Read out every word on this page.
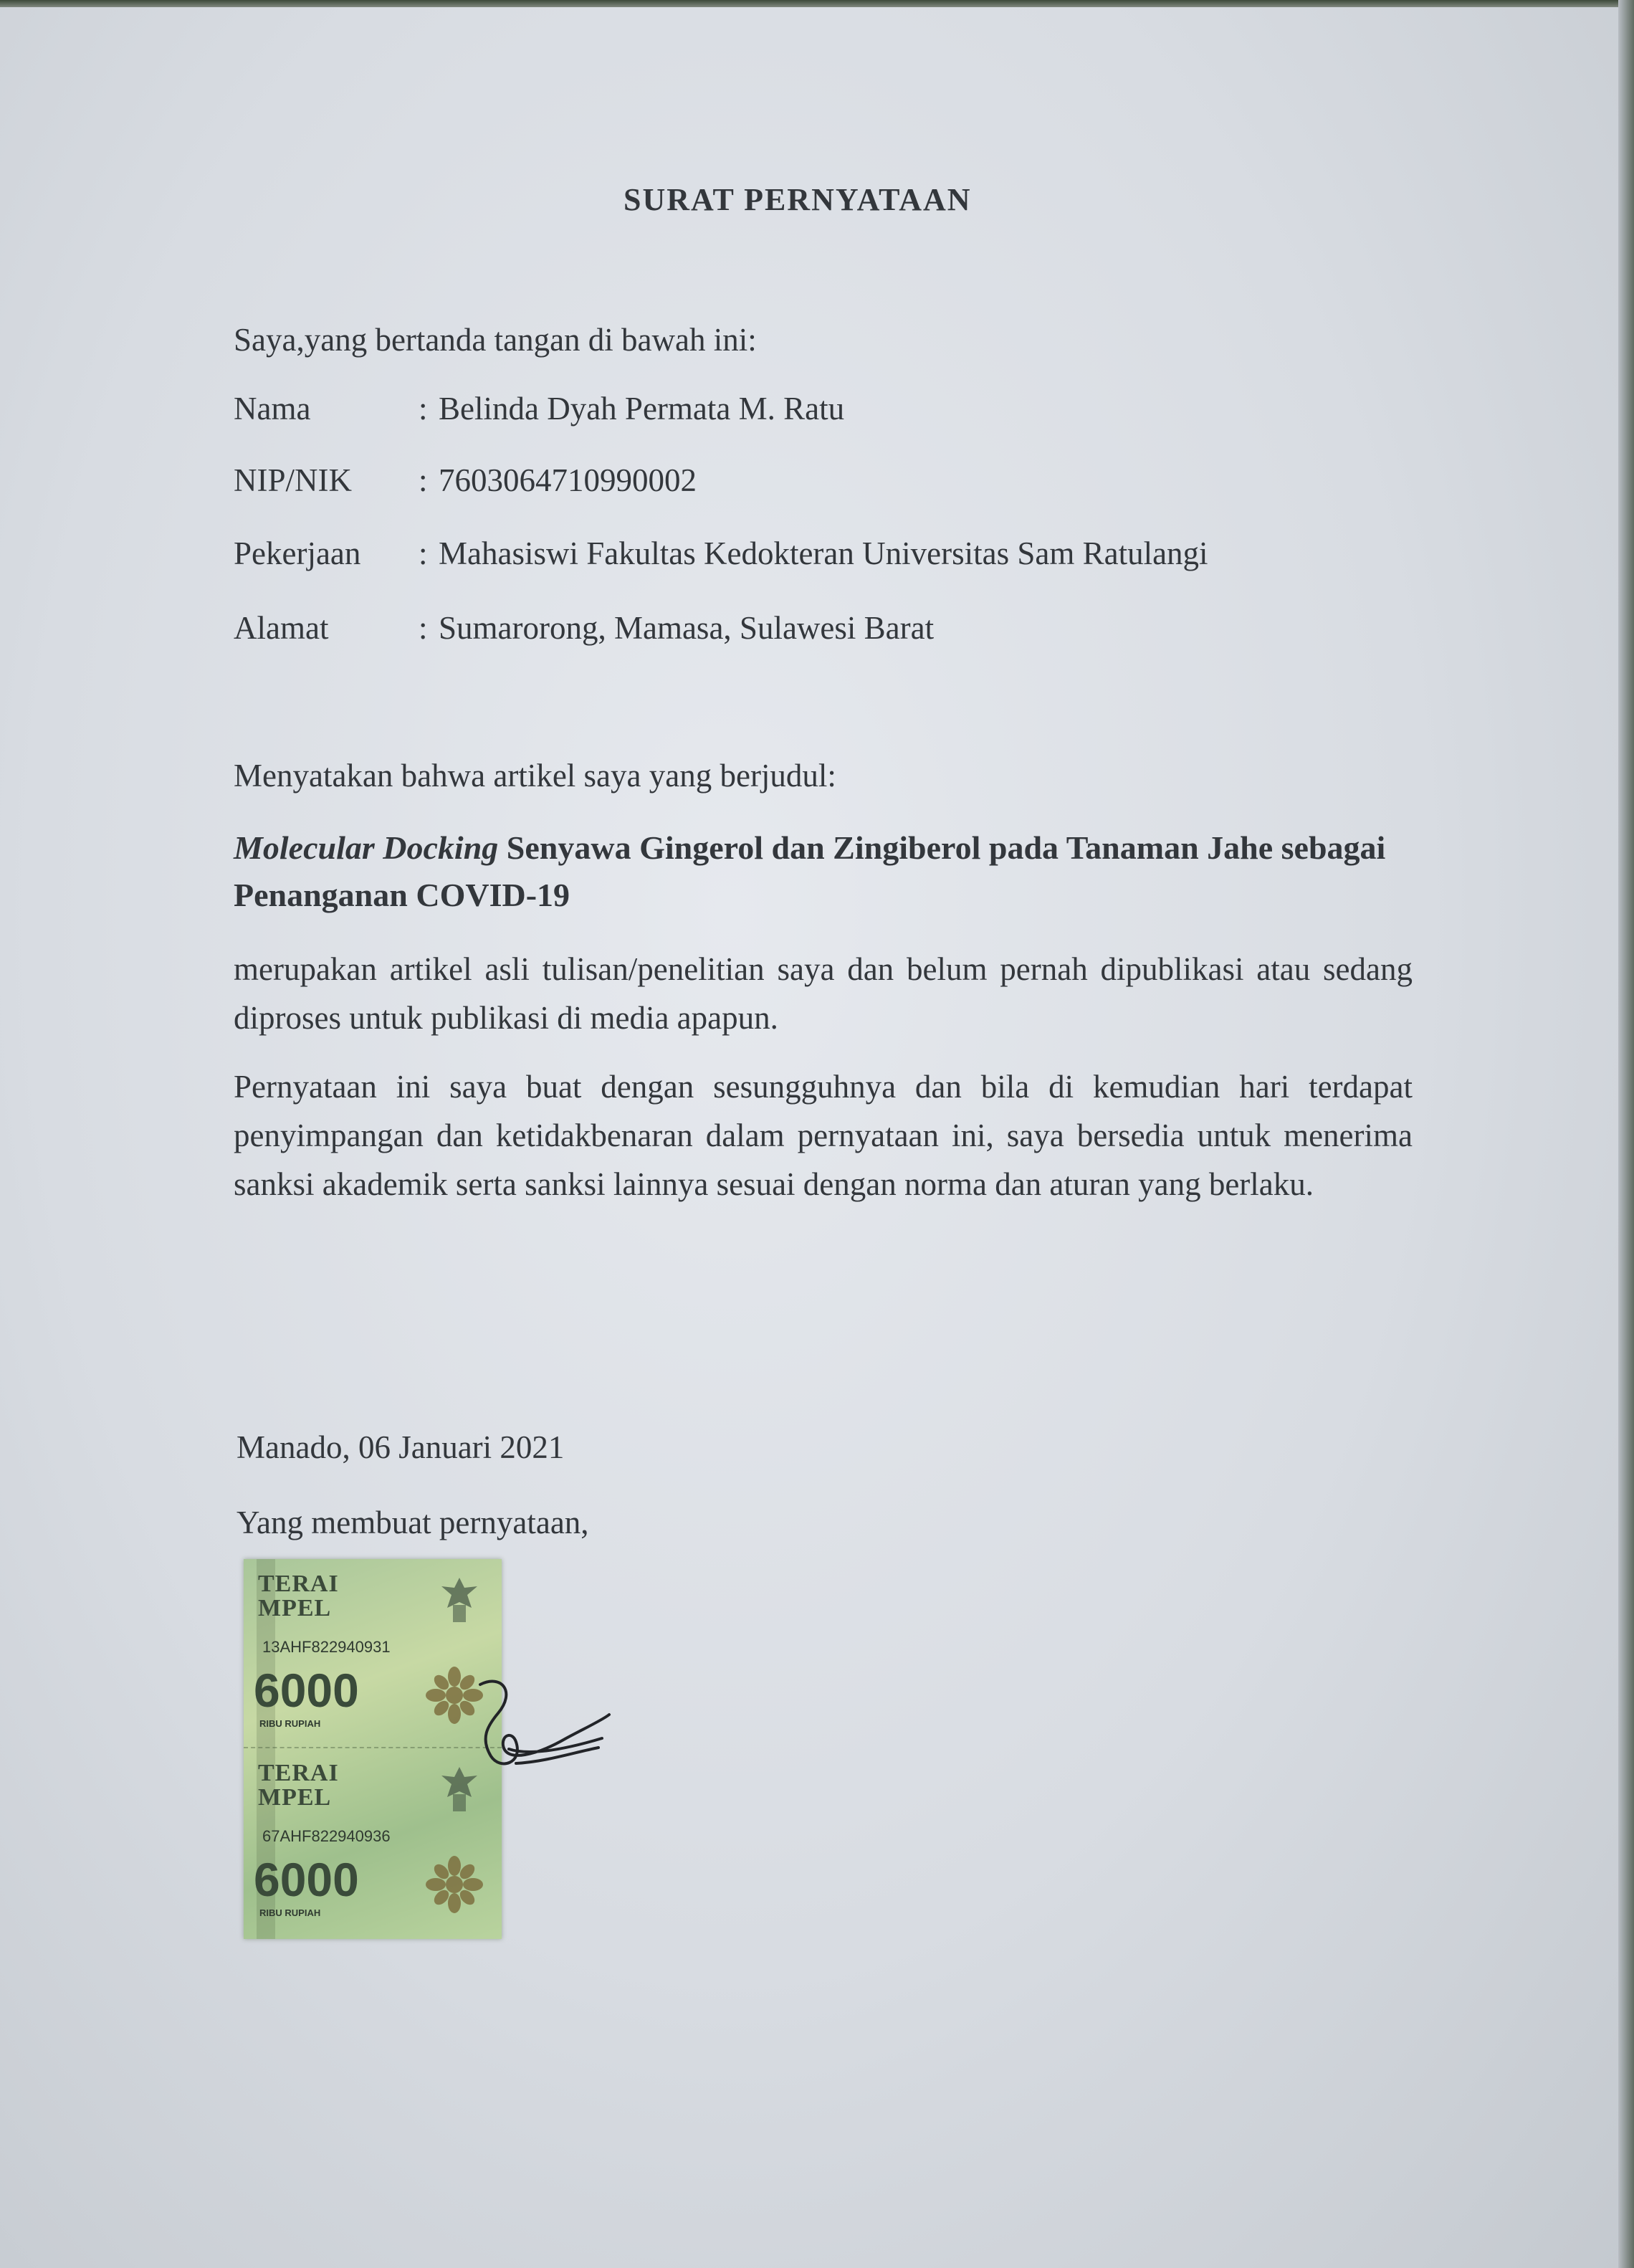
SURAT PERNYATAAN
Saya,yang bertanda tangan di bawah ini:
Nama	: Belinda Dyah Permata M. Ratu
NIP/NIK : 7603064710990002
Pekerjaan : Mahasiswi Fakultas Kedokteran Universitas Sam Ratulangi
Alamat	: Sumarorong, Mamasa, Sulawesi Barat
Menyatakan bahwa artikel saya yang berjudul:
Molecular Docking Senyawa Gingerol dan Zingiberol pada Tanaman Jahe sebagai Penanganan COVID-19
merupakan artikel asli tulisan/penelitian saya dan belum pernah dipublikasi atau sedang diproses untuk publikasi di media apapun.
Pernyataan ini saya buat dengan sesungguhnya dan bila di kemudian hari terdapat penyimpangan dan ketidakbenaran dalam pernyataan ini, saya bersedia untuk menerima sanksi akademik serta sanksi lainnya sesuai dengan norma dan aturan yang berlaku.
Manado, 06 Januari 2021
Yang membuat pernyataan,
TERAI
MPEL
13AHF822940931
6000
RIBU RUPIAH
TERAI
MPEL
67AHF822940936
6000
RIBU RUPIAH
